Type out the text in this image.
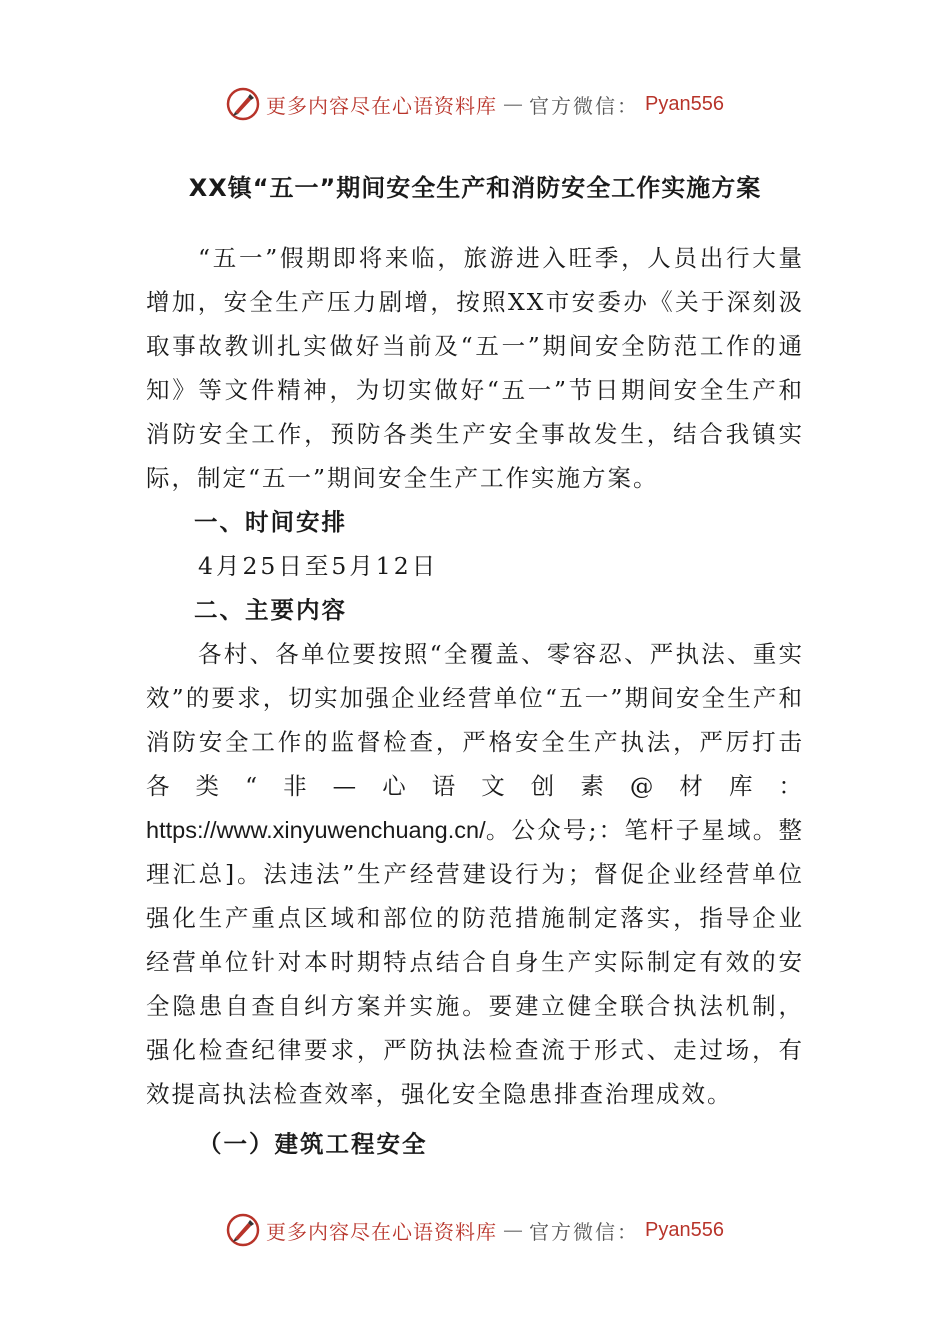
更多内容尽在心语资料库 — 官方微信： Pyan556
XX镇“五一”期间安全生产和消防安全工作实施方案

“五一”假期即将来临，旅游进入旺季，人员出行大量增加，安全生产压力剧增，按照XX市安委办《关于深刻汲取事故教训扎实做好当前及“五一”期间安全防范工作的通知》等文件精神，为切实做好“五一”节日期间安全生产和消防安全工作，预防各类生产安全事故发生，结合我镇实际，制定“五一”期间安全生产工作实施方案。

一、时间安排

4月25日至5月12日

二、主要内容

各村、各单位要按照“全覆盖、零容忍、严执法、重实效”的要求，切实加强企业经营单位“五一”期间安全生产和消防安全工作的监督检查，严格安全生产执法，严厉打击各类“非—心语文创素@材库：https://www.xinyuwenchuang.cn/。公众号;：笔杆子星域。整理汇总]。法违法”生产经营建设行为；督促企业经营单位强化生产重点区域和部位的防范措施制定落实，指导企业经营单位针对本时期特点结合自身生产实际制定有效的安全隐患自查自纠方案并实施。要建立健全联合执法机制，强化检查纪律要求，严防执法检查流于形式、走过场，有效提高执法检查效率，强化安全隐患排查治理成效。

（一）建筑工程安全

更多内容尽在心语资料库 — 官方微信： Pyan556
